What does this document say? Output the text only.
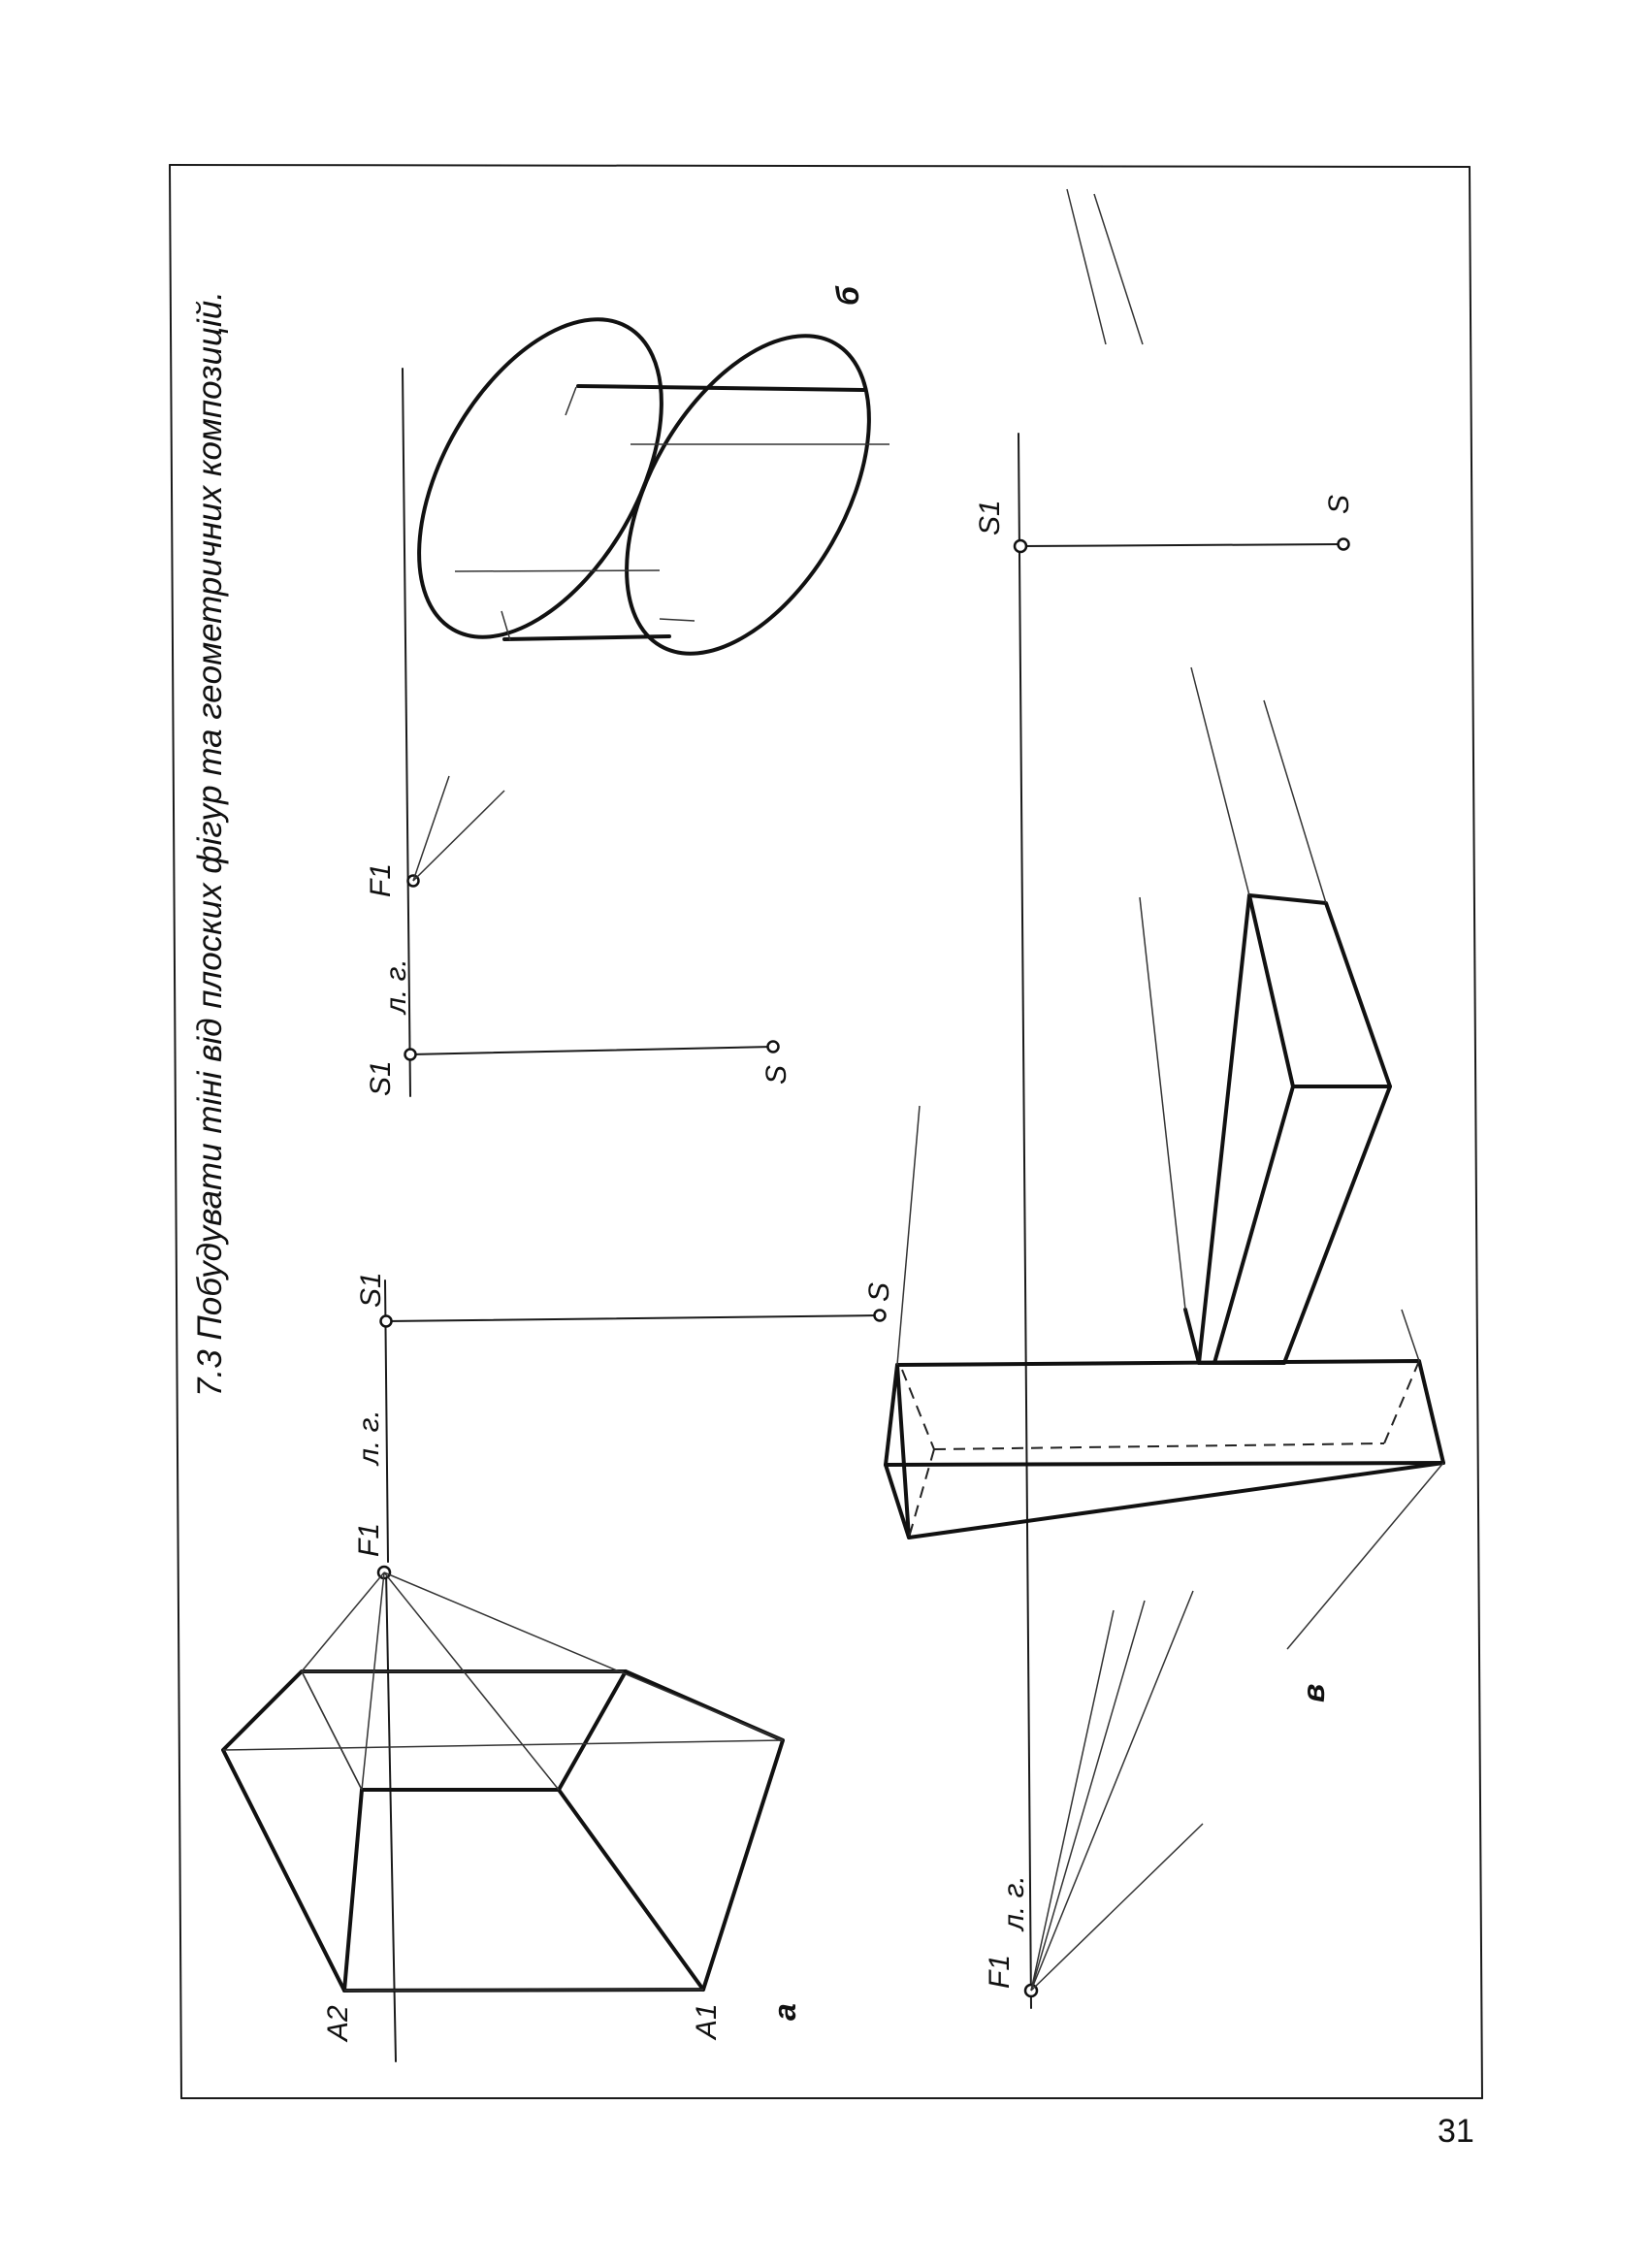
7.3 Побудувати тіні від плоских фігур та геометричних композицій.	S1	S
л. г.
F1
A2	A1 а
S1	S
л. г.
F1
б
S1	S
л. г.
F1
в
31
